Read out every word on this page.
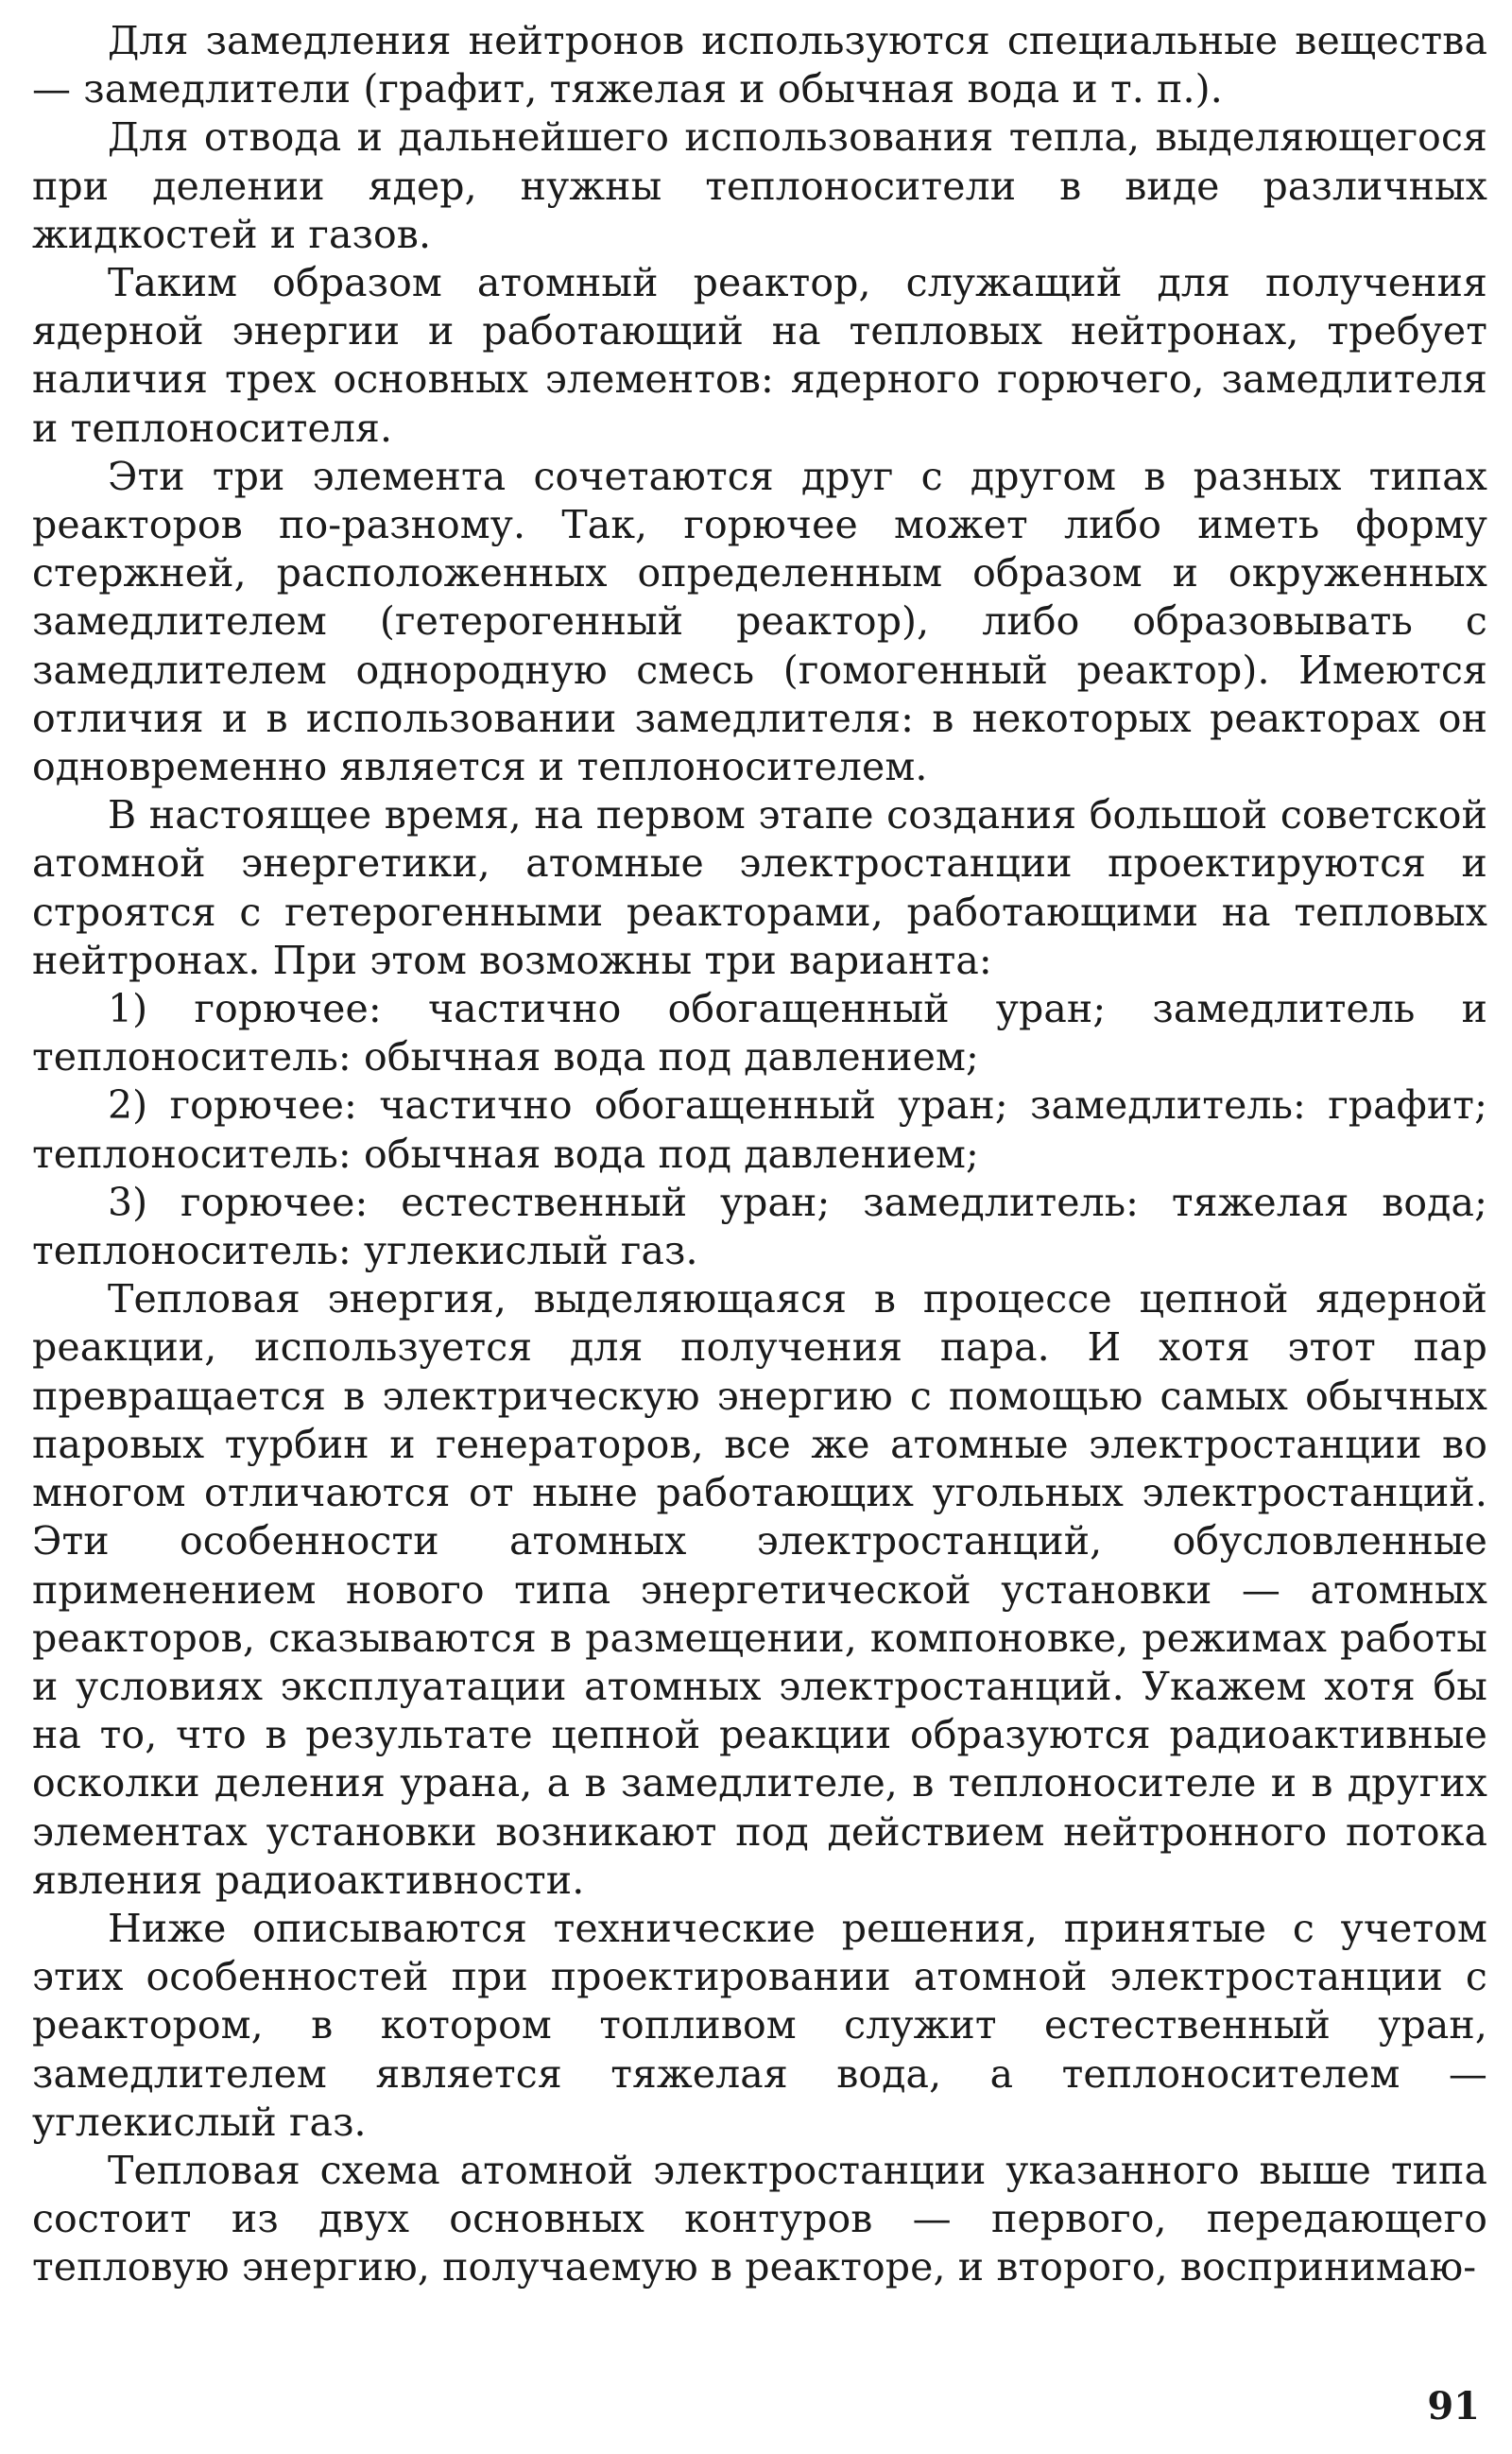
Для замедления нейтронов используются специальные вещества — замедлители (графит, тяжелая и обычная вода и т. п.).

Для отвода и дальнейшего использования тепла, выделяющегося при делении ядер, нужны теплоносители в виде различных жидкостей и газов.

Таким образом атомный реактор, служащий для получения ядерной энергии и работающий на тепловых нейтронах, требует наличия трех основных элементов: ядерного горючего, замедлителя и теплоносителя.

Эти три элемента сочетаются друг с другом в разных типах реакторов по-разному. Так, горючее может либо иметь форму стержней, расположенных определенным образом и окруженных замедлителем (гетерогенный реактор), либо образовывать с замедлителем однородную смесь (гомогенный реактор). Имеются отличия и в использовании замедлителя: в некоторых реакторах он одновременно является и теплоносителем.

В настоящее время, на первом этапе создания большой советской атомной энергетики, атомные электростанции проектируются и строятся с гетерогенными реакторами, работающими на тепловых нейтронах. При этом возможны три варианта:

1) горючее: частично обогащенный уран; замедлитель и теплоноситель: обычная вода под давлением;

2) горючее: частично обогащенный уран; замедлитель: графит; теплоноситель: обычная вода под давлением;

3) горючее: естественный уран; замедлитель: тяжелая вода; теплоноситель: углекислый газ.

Тепловая энергия, выделяющаяся в процессе цепной ядерной реакции, используется для получения пара. И хотя этот пар превращается в электрическую энергию с помощью самых обычных паровых турбин и генераторов, все же атомные электростанции во многом отличаются от ныне работающих угольных электростанций. Эти особенности атомных электростанций, обусловленные применением нового типа энергетической установки — атомных реакторов, сказываются в размещении, компоновке, режимах работы и условиях эксплуатации атомных электростанций. Укажем хотя бы на то, что в результате цепной реакции образуются радиоактивные осколки деления урана, а в замедлителе, в теплоносителе и в других элементах установки возникают под действием нейтронного потока явления радиоактивности.

Ниже описываются технические решения, принятые с учетом этих особенностей при проектировании атомной электростанции с реактором, в котором топливом служит естественный уран, замедлителем является тяжелая вода, а теплоносителем — углекислый газ.

Тепловая схема атомной электростанции указанного выше типа состоит из двух основных контуров — первого, передающего тепловую энергию, получаемую в реакторе, и второго, воспринимаю-

91
